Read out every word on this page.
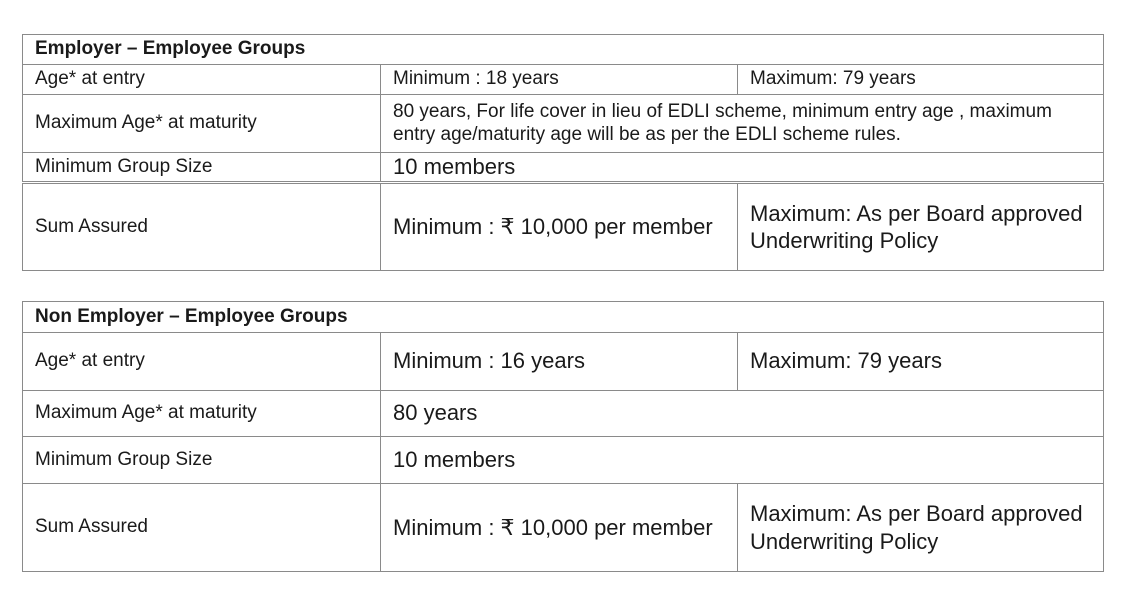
Employer – Employee Groups		
Age* at entry	Minimum : 18 years	Maximum: 79 years
Maximum Age* at maturity	80 years, For life cover in lieu of EDLI scheme, minimum entry age , maximum entry age/maturity age will be as per the EDLI scheme rules.	
Minimum Group Size	10 members	
Sum Assured	Minimum : ₹ 10,000 per member	Maximum: As per Board approved Underwriting Policy
Non Employer – Employee Groups		
Age* at entry	Minimum : 16 years	Maximum: 79 years
Maximum Age* at maturity	80 years	
Minimum Group Size	10 members	
Sum Assured	Minimum : ₹ 10,000 per member	Maximum: As per Board approved Underwriting Policy
